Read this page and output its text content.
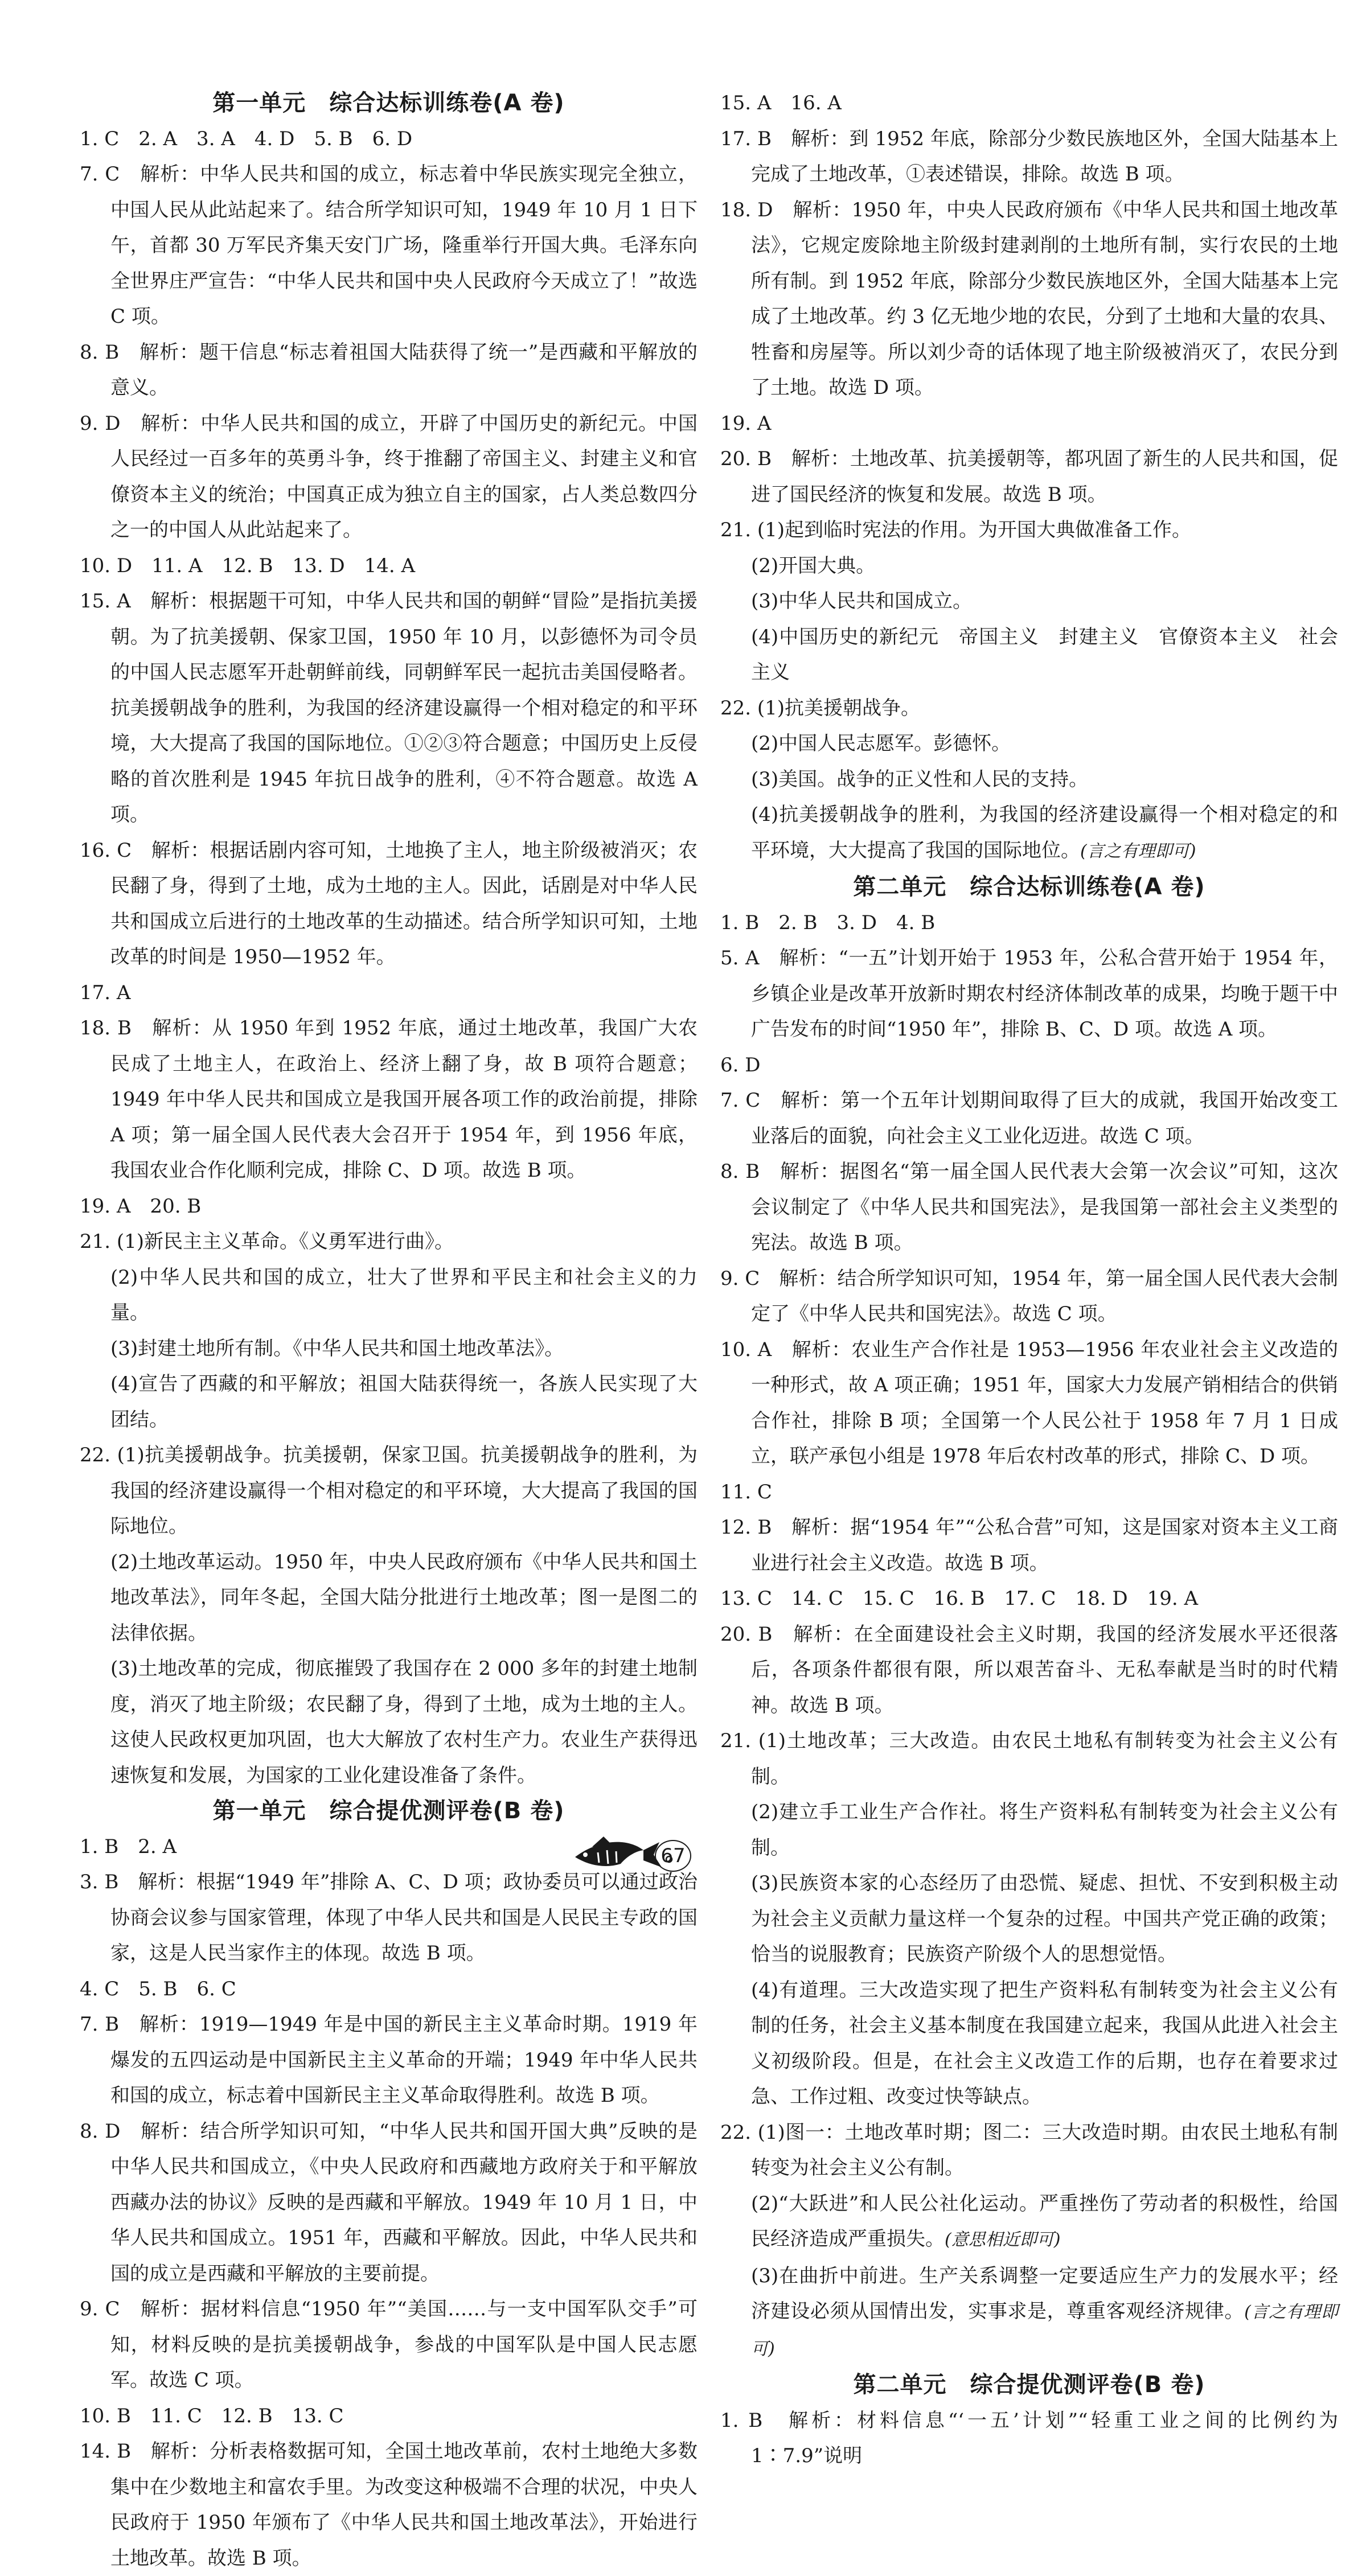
第一单元　综合达标训练卷(A 卷)

1. C　2. A　3. A　4. D　5. B　6. D

7. C　解析：中华人民共和国的成立，标志着中华民族实现完全独立，中国人民从此站起来了。结合所学知识可知，1949 年 10 月 1 日下午，首都 30 万军民齐集天安门广场，隆重举行开国大典。毛泽东向全世界庄严宣告：“中华人民共和国中央人民政府今天成立了！”故选 C 项。

8. B　解析：题干信息“标志着祖国大陆获得了统一”是西藏和平解放的意义。

9. D　解析：中华人民共和国的成立，开辟了中国历史的新纪元。中国人民经过一百多年的英勇斗争，终于推翻了帝国主义、封建主义和官僚资本主义的统治；中国真正成为独立自主的国家，占人类总数四分之一的中国人从此站起来了。

10. D　11. A　12. B　13. D　14. A

15. A　解析：根据题干可知，中华人民共和国的朝鲜“冒险”是指抗美援朝。为了抗美援朝、保家卫国，1950 年 10 月，以彭德怀为司令员的中国人民志愿军开赴朝鲜前线，同朝鲜军民一起抗击美国侵略者。抗美援朝战争的胜利，为我国的经济建设赢得一个相对稳定的和平环境，大大提高了我国的国际地位。①②③符合题意；中国历史上反侵略的首次胜利是 1945 年抗日战争的胜利，④不符合题意。故选 A 项。

16. C　解析：根据话剧内容可知，土地换了主人，地主阶级被消灭；农民翻了身，得到了土地，成为土地的主人。因此，话剧是对中华人民共和国成立后进行的土地改革的生动描述。结合所学知识可知，土地改革的时间是 1950—1952 年。

17. A

18. B　解析：从 1950 年到 1952 年底，通过土地改革，我国广大农民成了土地主人，在政治上、经济上翻了身，故 B 项符合题意；1949 年中华人民共和国成立是我国开展各项工作的政治前提，排除 A 项；第一届全国人民代表大会召开于 1954 年，到 1956 年底，我国农业合作化顺利完成，排除 C、D 项。故选 B 项。

19. A　20. B

21. (1)新民主主义革命。《义勇军进行曲》。

(2)中华人民共和国的成立，壮大了世界和平民主和社会主义的力量。

(3)封建土地所有制。《中华人民共和国土地改革法》。

(4)宣告了西藏的和平解放；祖国大陆获得统一，各族人民实现了大团结。

22. (1)抗美援朝战争。抗美援朝，保家卫国。抗美援朝战争的胜利，为我国的经济建设赢得一个相对稳定的和平环境，大大提高了我国的国际地位。

(2)土地改革运动。1950 年，中央人民政府颁布《中华人民共和国土地改革法》，同年冬起，全国大陆分批进行土地改革；图一是图二的法律依据。

(3)土地改革的完成，彻底摧毁了我国存在 2 000 多年的封建土地制度，消灭了地主阶级；农民翻了身，得到了土地，成为土地的主人。这使人民政权更加巩固，也大大解放了农村生产力。农业生产获得迅速恢复和发展，为国家的工业化建设准备了条件。

第一单元　综合提优测评卷(B 卷)

1. B　2. A

3. B　解析：根据“1949 年”排除 A、C、D 项；政协委员可以通过政治协商会议参与国家管理，体现了中华人民共和国是人民民主专政的国家，这是人民当家作主的体现。故选 B 项。

4. C　5. B　6. C

7. B　解析：1919—1949 年是中国的新民主主义革命时期。1919 年爆发的五四运动是中国新民主主义革命的开端；1949 年中华人民共和国的成立，标志着中国新民主主义革命取得胜利。故选 B 项。

8. D　解析：结合所学知识可知，“中华人民共和国开国大典”反映的是中华人民共和国成立，《中央人民政府和西藏地方政府关于和平解放西藏办法的协议》反映的是西藏和平解放。1949 年 10 月 1 日，中华人民共和国成立。1951 年，西藏和平解放。因此，中华人民共和国的成立是西藏和平解放的主要前提。

9. C　解析：据材料信息“1950 年”“美国……与一支中国军队交手”可知，材料反映的是抗美援朝战争，参战的中国军队是中国人民志愿军。故选 C 项。

10. B　11. C　12. B　13. C

14. B　解析：分析表格数据可知，全国土地改革前，农村土地绝大多数集中在少数地主和富农手里。为改变这种极端不合理的状况，中央人民政府于 1950 年颁布了《中华人民共和国土地改革法》，开始进行土地改革。故选 B 项。

15. A　16. A

17. B　解析：到 1952 年底，除部分少数民族地区外，全国大陆基本上完成了土地改革，①表述错误，排除。故选 B 项。

18. D　解析：1950 年，中央人民政府颁布《中华人民共和国土地改革法》，它规定废除地主阶级封建剥削的土地所有制，实行农民的土地所有制。到 1952 年底，除部分少数民族地区外，全国大陆基本上完成了土地改革。约 3 亿无地少地的农民，分到了土地和大量的农具、牲畜和房屋等。所以刘少奇的话体现了地主阶级被消灭了，农民分到了土地。故选 D 项。

19. A

20. B　解析：土地改革、抗美援朝等，都巩固了新生的人民共和国，促进了国民经济的恢复和发展。故选 B 项。

21. (1)起到临时宪法的作用。为开国大典做准备工作。

(2)开国大典。

(3)中华人民共和国成立。

(4)中国历史的新纪元　帝国主义　封建主义　官僚资本主义　社会主义

22. (1)抗美援朝战争。

(2)中国人民志愿军。彭德怀。

(3)美国。战争的正义性和人民的支持。

(4)抗美援朝战争的胜利，为我国的经济建设赢得一个相对稳定的和平环境，大大提高了我国的国际地位。(言之有理即可)

第二单元　综合达标训练卷(A 卷)

1. B　2. B　3. D　4. B

5. A　解析：“一五”计划开始于 1953 年，公私合营开始于 1954 年，乡镇企业是改革开放新时期农村经济体制改革的成果，均晚于题干中广告发布的时间“1950 年”，排除 B、C、D 项。故选 A 项。

6. D

7. C　解析：第一个五年计划期间取得了巨大的成就，我国开始改变工业落后的面貌，向社会主义工业化迈进。故选 C 项。

8. B　解析：据图名“第一届全国人民代表大会第一次会议”可知，这次会议制定了《中华人民共和国宪法》，是我国第一部社会主义类型的宪法。故选 B 项。

9. C　解析：结合所学知识可知，1954 年，第一届全国人民代表大会制定了《中华人民共和国宪法》。故选 C 项。

10. A　解析：农业生产合作社是 1953—1956 年农业社会主义改造的一种形式，故 A 项正确；1951 年，国家大力发展产销相结合的供销合作社，排除 B 项；全国第一个人民公社于 1958 年 7 月 1 日成立，联产承包小组是 1978 年后农村改革的形式，排除 C、D 项。

11. C

12. B　解析：据“1954 年”“公私合营”可知，这是国家对资本主义工商业进行社会主义改造。故选 B 项。

13. C　14. C　15. C　16. B　17. C　18. D　19. A

20. B　解析：在全面建设社会主义时期，我国的经济发展水平还很落后，各项条件都很有限，所以艰苦奋斗、无私奉献是当时的时代精神。故选 B 项。

21. (1)土地改革；三大改造。由农民土地私有制转变为社会主义公有制。

(2)建立手工业生产合作社。将生产资料私有制转变为社会主义公有制。

(3)民族资本家的心态经历了由恐慌、疑虑、担忧、不安到积极主动为社会主义贡献力量这样一个复杂的过程。中国共产党正确的政策；恰当的说服教育；民族资产阶级个人的思想觉悟。

(4)有道理。三大改造实现了把生产资料私有制转变为社会主义公有制的任务，社会主义基本制度在我国建立起来，我国从此进入社会主义初级阶段。但是，在社会主义改造工作的后期，也存在着要求过急、工作过粗、改变过快等缺点。

22. (1)图一：土地改革时期；图二：三大改造时期。由农民土地私有制转变为社会主义公有制。

(2)“大跃进”和人民公社化运动。严重挫伤了劳动者的积极性，给国民经济造成严重损失。(意思相近即可)

(3)在曲折中前进。生产关系调整一定要适应生产力的发展水平；经济建设必须从国情出发，实事求是，尊重客观经济规律。(言之有理即可)

第二单元　综合提优测评卷(B 卷)

1. B　解析：材料信息“‘一五’计划”“轻重工业之间的比例约为 1∶7.9”说明

67
